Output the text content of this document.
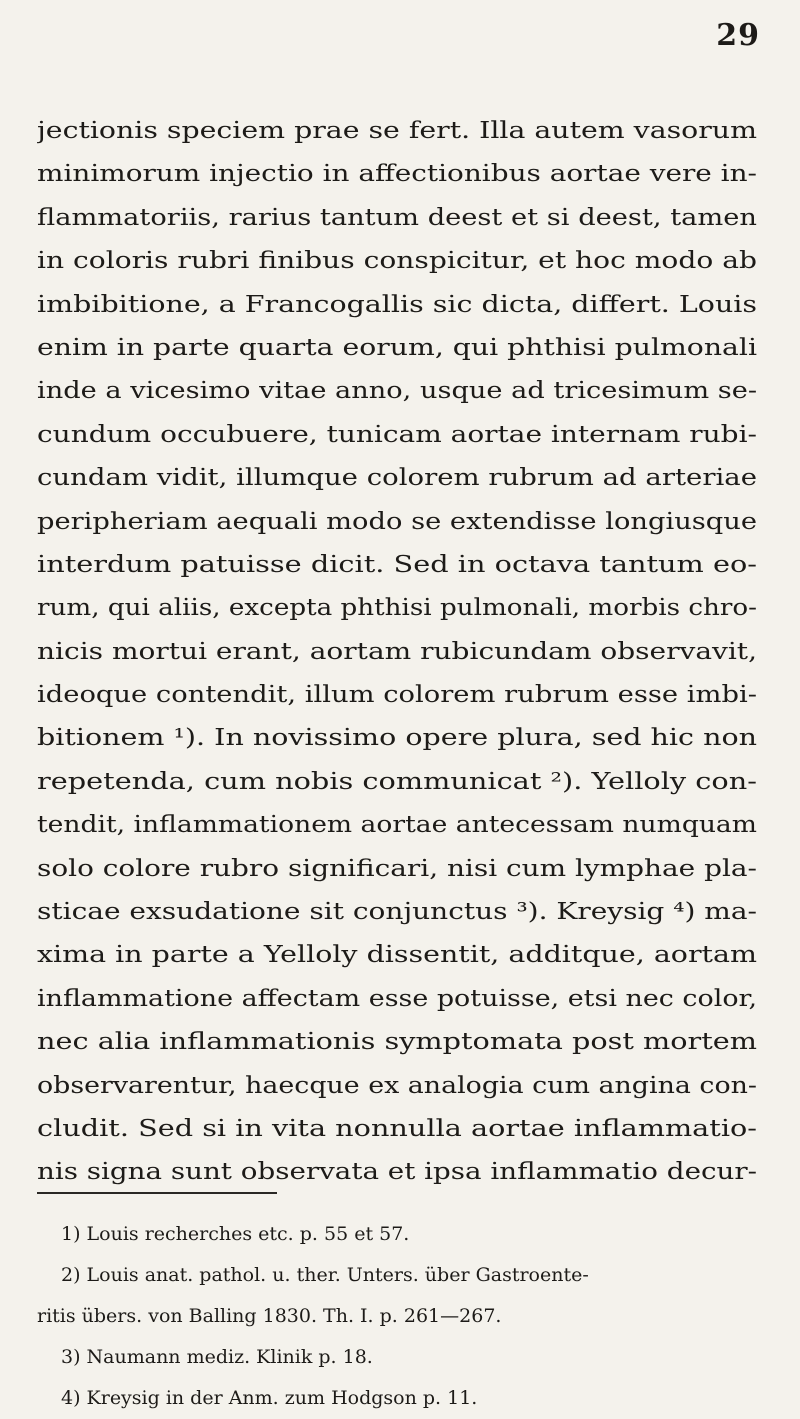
29
jectionis speciem prae se fert. Illa autem vasorum
minimorum injectio in affectionibus aortae vere in-
flammatoriis, rarius tantum deest et si deest, tamen
in coloris rubri finibus conspicitur, et hoc modo ab
imbibitione, a Francogallis sic dicta, differt. Louis
enim in parte quarta eorum, qui phthisi pulmonali
inde a vicesimo vitae anno, usque ad tricesimum se-
cundum occubuere, tunicam aortae internam rubi-
cundam vidit, illumque colorem rubrum ad arteriae
peripheriam aequali modo se extendisse longiusque
interdum patuisse dicit. Sed in octava tantum eo-
rum, qui aliis, excepta phthisi pulmonali, morbis chro-
nicis mortui erant, aortam rubicundam observavit,
ideoque contendit, illum colorem rubrum esse imbi-
bitionem ¹). In novissimo opere plura, sed hic non
repetenda, cum nobis communicat ²). Yelloly con-
tendit, inflammationem aortae antecessam numquam
solo colore rubro significari, nisi cum lymphae pla-
sticae exsudatione sit conjunctus ³). Kreysig ⁴) ma-
xima in parte a Yelloly dissentit, additque, aortam
inflammatione affectam esse potuisse, etsi nec color,
nec alia inflammationis symptomata post mortem
observarentur, haecque ex analogia cum angina con-
cludit. Sed si in vita nonnulla aortae inflammatio-
nis signa sunt observata et ipsa inflammatio decur-
1) Louis recherches etc. p. 55 et 57.
2) Louis anat. pathol. u. ther. Unters. über Gastroente-
ritis übers. von Balling 1830. Th. I. p. 261—267.
3) Naumann mediz. Klinik p. 18.
4) Kreysig in der Anm. zum Hodgson p. 11.
